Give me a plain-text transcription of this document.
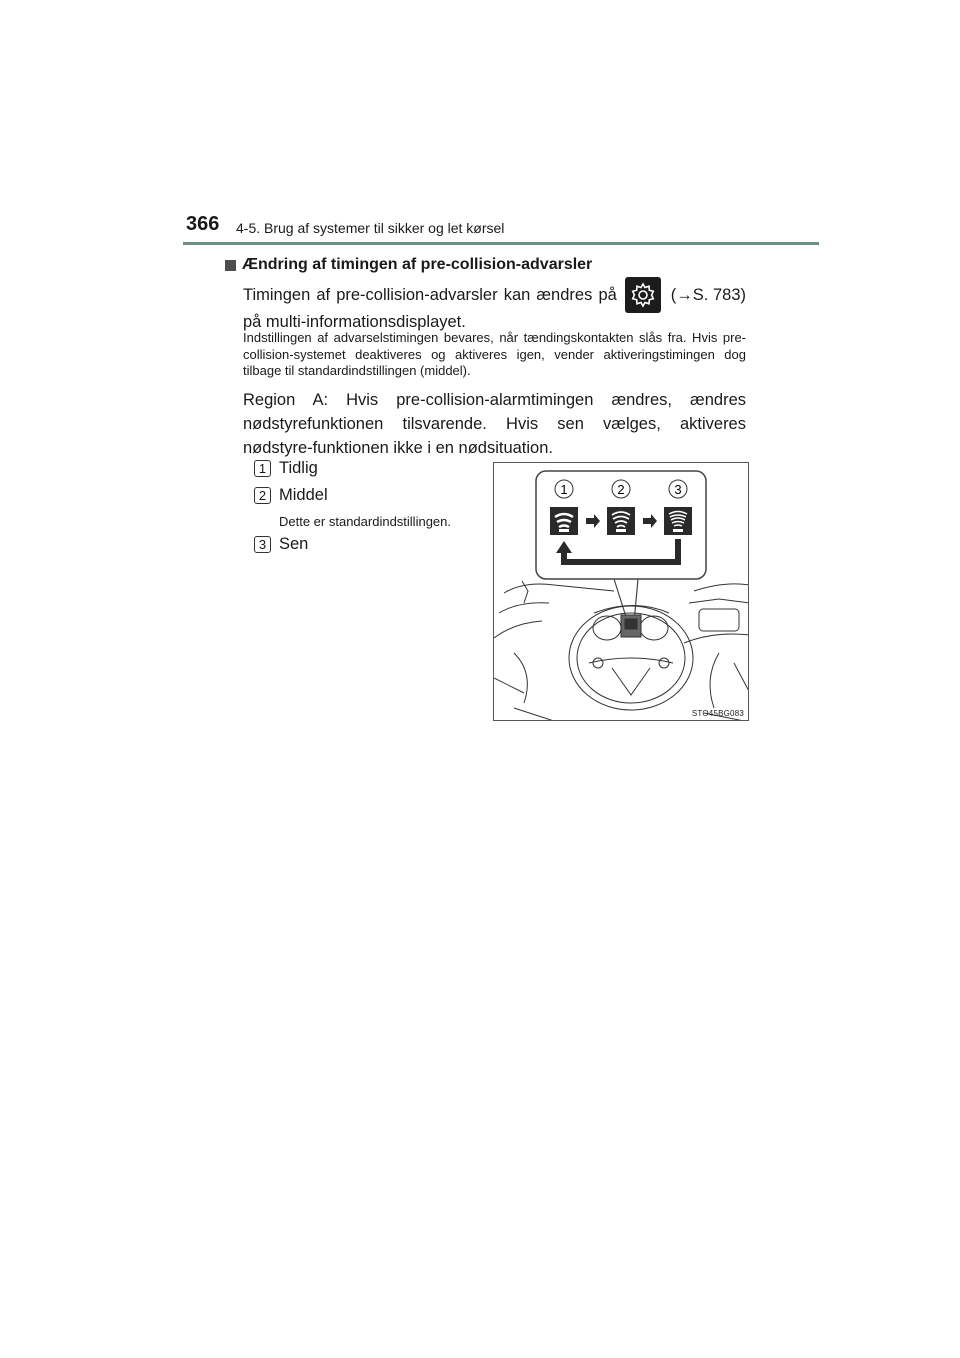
366 4-5. Brug af systemer til sikker og let kørsel
Ændring af timingen af pre-collision-advarsler
Timingen af pre-collision-advarsler kan ændres på	(→S. 783)
på multi-informationsdisplayet.
Indstillingen af advarselstimingen bevares, når tændingskontakten slås fra. Hvis pre-collision-systemet deaktiveres og aktiveres igen, vender aktiveringstimingen dog tilbage til standardindstillingen (middel).
Region A: Hvis pre-collision-alarmtimingen ændres, ændres nødstyrefunktionen tilsvarende. Hvis sen vælges, aktiveres nødstyre-funktionen ikke i en nødsituation.
1 Tidlig
2 Middel
Dette er standardindstillingen.
3 Sen
1	2	3
STO45BG083
